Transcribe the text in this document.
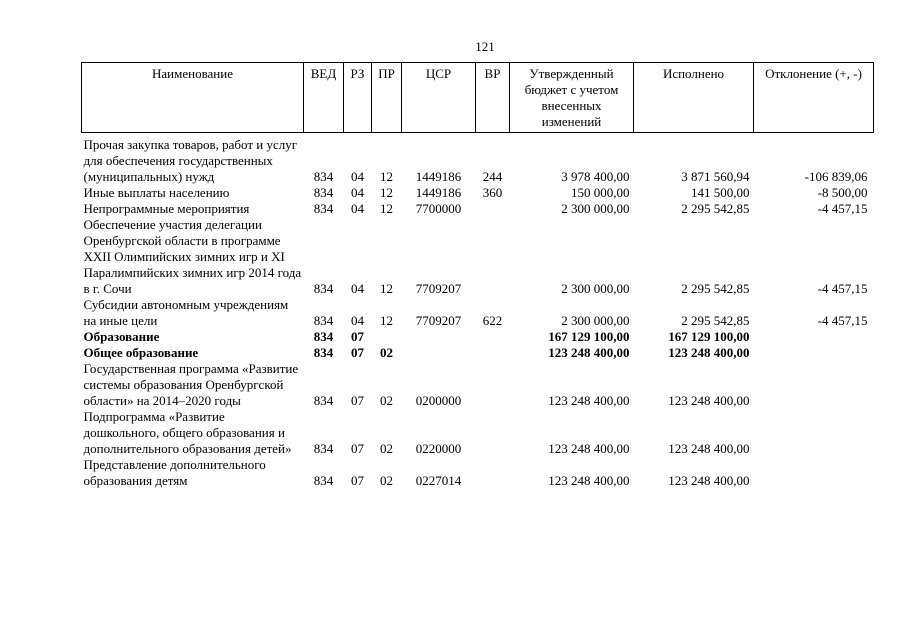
121
Наименование	ВЕД	РЗ	ПР	ЦСР	ВР	Утвержденный бюджет с учетом внесенных изменений	Исполнено	Отклонение (+, -)

Прочая закупка товаров, работ и услуг для обеспечения государственных (муниципальных) нужд	834	04	12	1449186	244	3 978 400,00	3 871 560,94	-106 839,06
Иные выплаты населению	834	04	12	1449186	360	150 000,00	141 500,00	-8 500,00
Непрограммные мероприятия	834	04	12	7700000		2 300 000,00	2 295 542,85	-4 457,15
Обеспечение участия делегации Оренбургской области в программе XXII Олимпийских зимних игр и XI Паралимпийских зимних игр 2014 года в г. Сочи	834	04	12	7709207		2 300 000,00	2 295 542,85	-4 457,15
Субсидии автономным учреждениям на иные цели	834	04	12	7709207	622	2 300 000,00	2 295 542,85	-4 457,15
Образование	834	07				167 129 100,00	167 129 100,00	
Общее образование	834	07	02			123 248 400,00	123 248 400,00	
Государственная программа «Развитие системы образования Оренбургской области» на 2014–2020 годы	834	07	02	0200000		123 248 400,00	123 248 400,00	
Подпрограмма «Развитие дошкольного, общего образования и дополнительного образования детей»	834	07	02	0220000		123 248 400,00	123 248 400,00	
Представление дополнительного образования детям	834	07	02	0227014		123 248 400,00	123 248 400,00	
